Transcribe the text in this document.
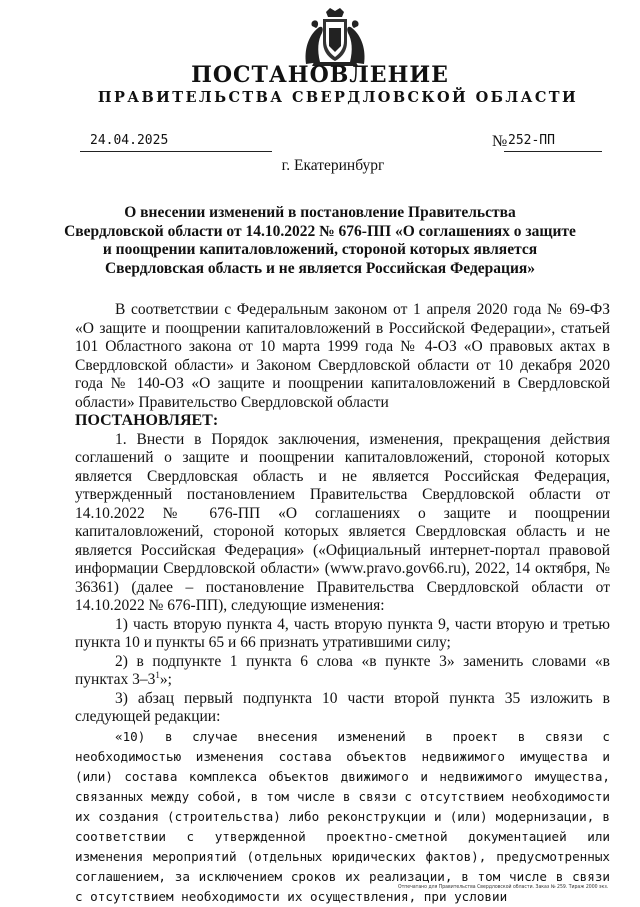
ПОСТАНОВЛЕНИЕ
ПРАВИТЕЛЬСТВА СВЕРДЛОВСКОЙ ОБЛАСТИ
24.04.2025	№ 252-ПП
г. Екатеринбург
О внесении изменений в постановление Правительства
Свердловской области от 14.10.2022 № 676-ПП «О соглашениях о защите
и поощрении капиталовложений, стороной которых является
Свердловская область и не является Российская Федерация»

В соответствии с Федеральным законом от 1 апреля 2020 года № 69-ФЗ «О защите и поощрении капиталовложений в Российской Федерации», статьей 101 Областного закона от 10 марта 1999 года № 4-ОЗ «О правовых актах в Свердловской области» и Законом Свердловской области от 10 декабря 2020 года № 140-ОЗ «О защите и поощрении капиталовложений в Свердловской области» Правительство Свердловской области

ПОСТАНОВЛЯЕТ:

1. Внести в Порядок заключения, изменения, прекращения действия соглашений о защите и поощрении капиталовложений, стороной которых является Свердловская область и не является Российская Федерация, утвержденный постановлением Правительства Свердловской области от 14.10.2022 № 676-ПП «О соглашениях о защите и поощрении капиталовложений, стороной которых является Свердловская область и не является Российская Федерация» («Официальный интернет-портал правовой информации Свердловской области» (www.pravo.gov66.ru), 2022, 14 октября, № 36361) (далее – постановление Правительства Свердловской области от 14.10.2022 № 676-ПП), следующие изменения:

1) часть вторую пункта 4, часть вторую пункта 9, части вторую и третью пункта 10 и пункты 65 и 66 признать утратившими силу;

2) в подпункте 1 пункта 6 слова «в пункте 3» заменить словами «в пунктах $3-3^1$»;

3) абзац первый подпункта 10 части второй пункта 35 изложить в следующей редакции:

«10) в случае внесения изменений в проект в связи с необходимостью изменения состава объектов недвижимого имущества и (или) состава комплекса объектов движимого и недвижимого имущества, связанных между собой, в том числе в связи с отсутствием необходимости их создания (строительства) либо реконструкции и (или) модернизации, в соответствии с утвержденной проектно-сметной документацией или изменения мероприятий (отдельных юридических фактов), предусмотренных соглашением, за исключением сроков их реализации, в том числе в связи с отсутствием необходимости их осуществления, при условии

Отпечатано для Правительства Свердловской области. Заказ № 259. Тираж 2000 экз.
